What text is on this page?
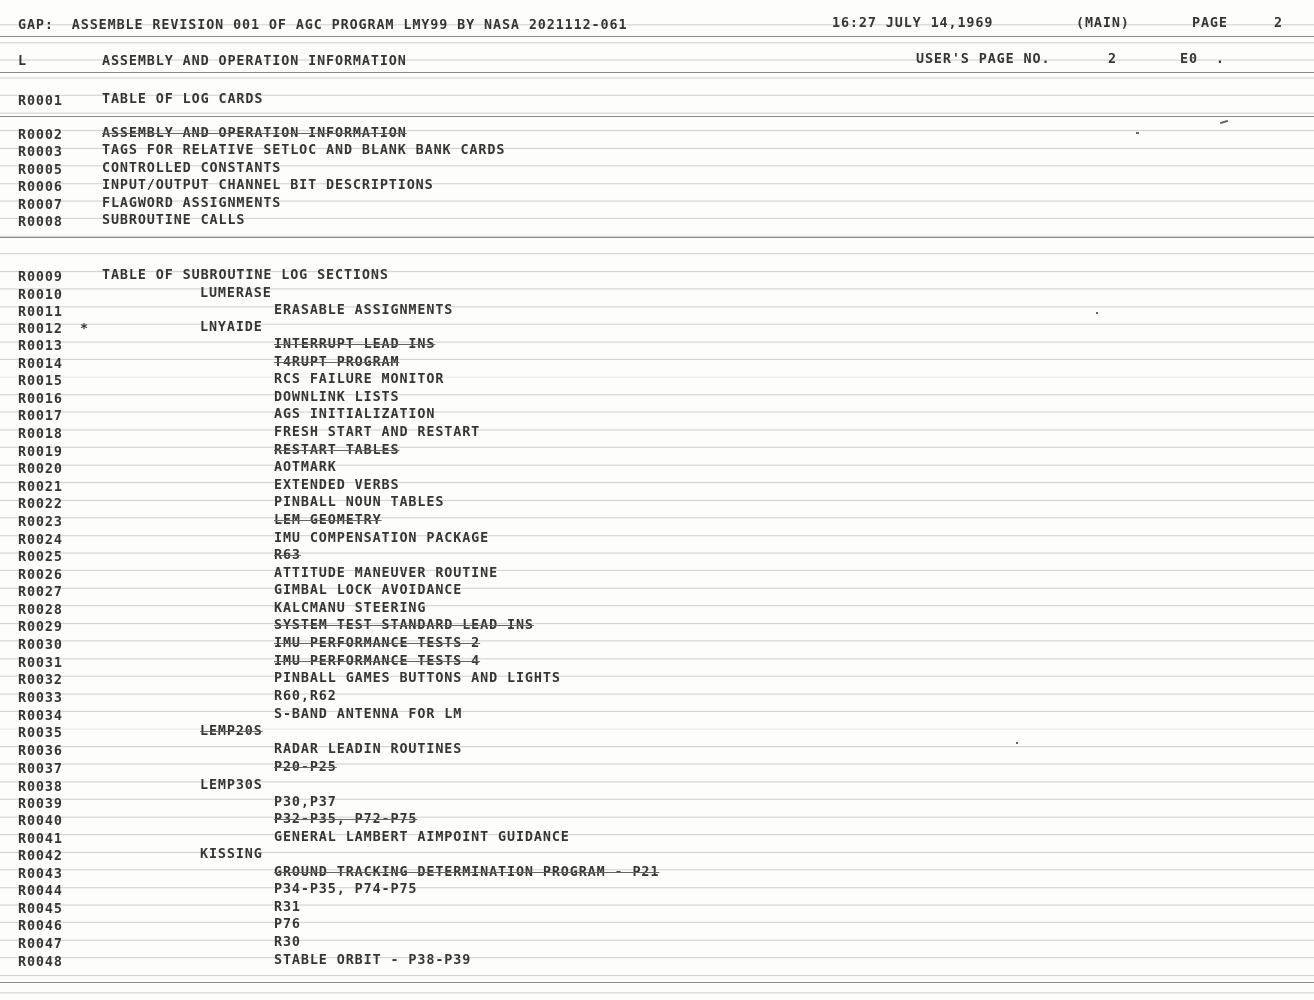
GAP:  ASSEMBLE REVISION 001 OF AGC PROGRAM LMY99 BY NASA 2021112-061	16:27 JULY 14,1969	(MAIN)	PAGE	2
L	ASSEMBLY AND OPERATION INFORMATION	USER'S PAGE NO.	2	E0  .
R0001	TABLE OF LOG CARDS
R0002	ASSEMBLY AND OPERATION INFORMATION
R0003	TAGS FOR RELATIVE SETLOC AND BLANK BANK CARDS
R0005	CONTROLLED CONSTANTS
R0006	INPUT/OUTPUT CHANNEL BIT DESCRIPTIONS
R0007	FLAGWORD ASSIGNMENTS
R0008	SUBROUTINE CALLS
R0009	TABLE OF SUBROUTINE LOG SECTIONS
R0010	LUMERASE
R0011	ERASABLE ASSIGNMENTS
R0012 *	LNYAIDE
R0013	INTERRUPT LEAD INS
R0014	T4RUPT PROGRAM
R0015	RCS FAILURE MONITOR
R0016	DOWNLINK LISTS
R0017	AGS INITIALIZATION
R0018	FRESH START AND RESTART
R0019	RESTART TABLES
R0020	AOTMARK
R0021	EXTENDED VERBS
R0022	PINBALL NOUN TABLES
R0023	LEM GEOMETRY
R0024	IMU COMPENSATION PACKAGE
R0025	R63
R0026	ATTITUDE MANEUVER ROUTINE
R0027	GIMBAL LOCK AVOIDANCE
R0028	KALCMANU STEERING
R0029	SYSTEM TEST STANDARD LEAD INS
R0030	IMU PERFORMANCE TESTS 2
R0031	IMU PERFORMANCE TESTS 4
R0032	PINBALL GAMES BUTTONS AND LIGHTS
R0033	R60,R62
R0034	S-BAND ANTENNA FOR LM
R0035	LEMP20S
R0036	RADAR LEADIN ROUTINES
R0037	P20-P25
R0038	LEMP30S
R0039	P30,P37
R0040	P32-P35, P72-P75
R0041	GENERAL LAMBERT AIMPOINT GUIDANCE
R0042	KISSING
R0043	GROUND TRACKING DETERMINATION PROGRAM - P21
R0044	P34-P35, P74-P75
R0045	R31
R0046	P76
R0047	R30
R0048	STABLE ORBIT - P38-P39
